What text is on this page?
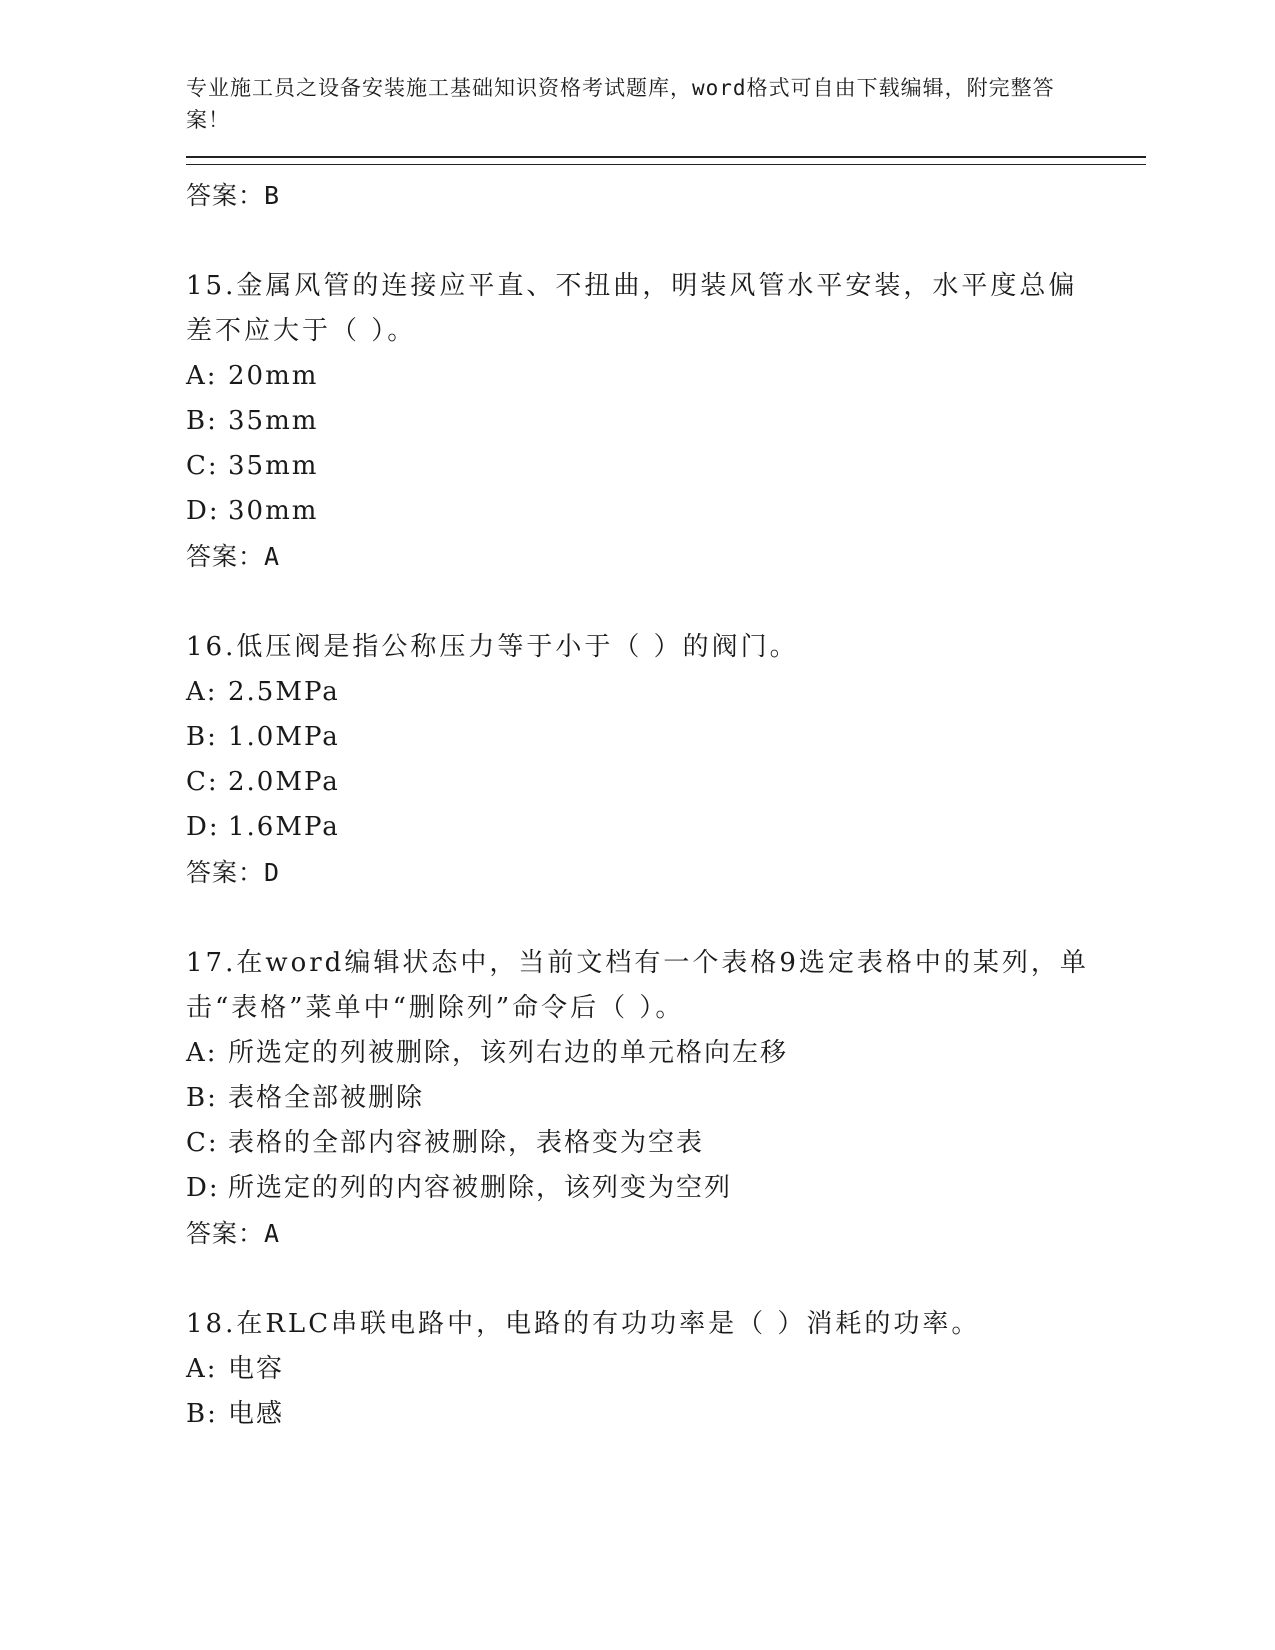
专业施工员之设备安装施工基础知识资格考试题库，word格式可自由下载编辑，附完整答案！

答案：B

15.金属风管的连接应平直、不扭曲，明装风管水平安装，水平度总偏差不应大于（ ）。

A: 20mm
B: 35mm
C: 35mm
D: 30mm
答案：A

16.低压阀是指公称压力等于小于（ ）的阀门。

A: 2.5MPa
B: 1.0MPa
C: 2.0MPa
D: 1.6MPa
答案：D

17.在word编辑状态中，当前文档有一个表格9选定表格中的某列，单击“表格”菜单中“删除列”命令后（ ）。

A: 所选定的列被删除，该列右边的单元格向左移
B: 表格全部被删除
C: 表格的全部内容被删除，表格变为空表
D: 所选定的列的内容被删除，该列变为空列
答案：A

18.在RLC串联电路中，电路的有功功率是（ ）消耗的功率。

A: 电容
B: 电感
